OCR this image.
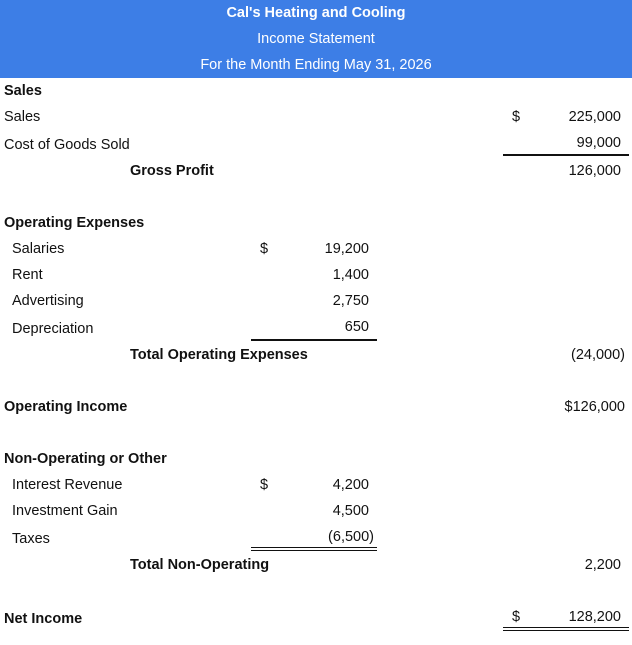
Cal's Heating and Cooling
Income Statement
For the Month Ending May 31, 2026
Sales
Sales	$	225,000
Cost of Goods Sold	99,000
Gross Profit	126,000
Operating Expenses
Salaries	$	19,200
Rent	1,400
Advertising	2,750
Depreciation	650
Total Operating Expenses	(24,000)
Operating Income	$126,000
Non-Operating or Other
Interest Revenue	$	4,200
Investment Gain	4,500
Taxes	(6,500)
Total Non-Operating	2,200
Net Income	$	128,200
